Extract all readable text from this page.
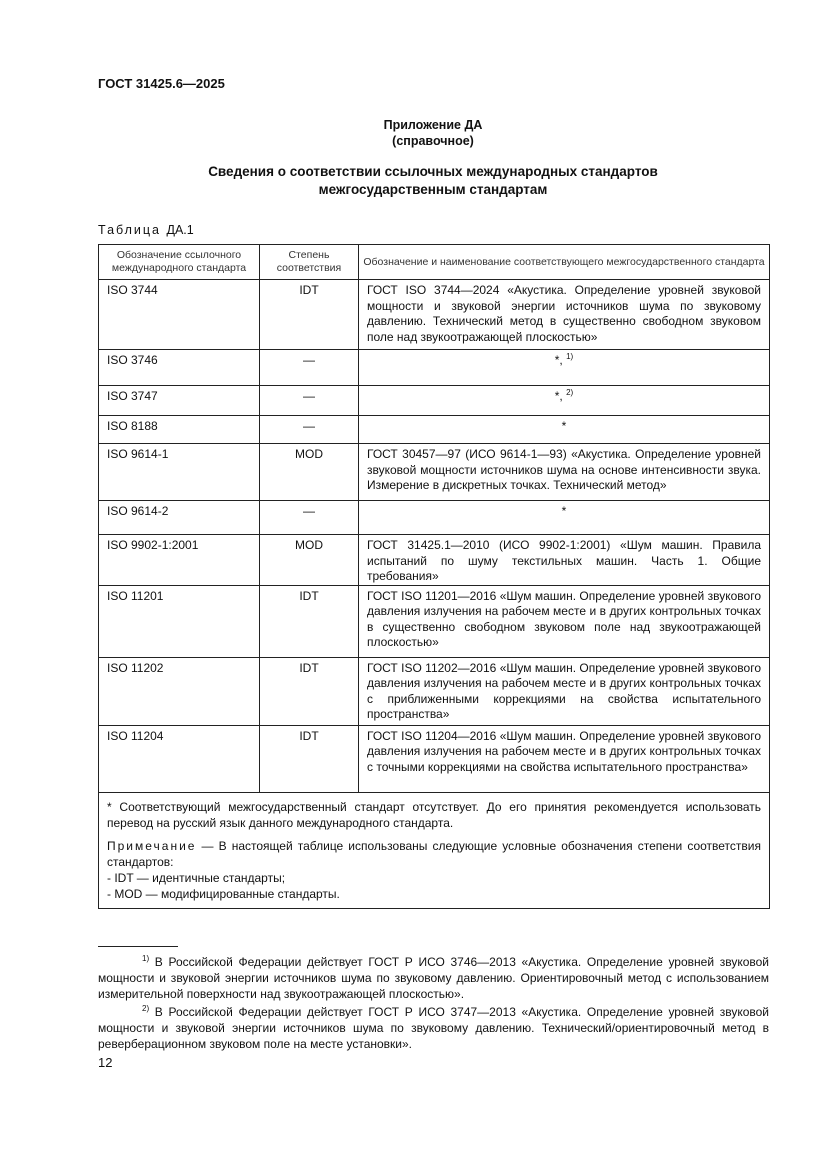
ГОСТ 31425.6—2025
Приложение ДА
(справочное)
Сведения о соответствии ссылочных международных стандартов
межгосударственным стандартам
Таблица ДА.1
Обозначение ссылочного международного стандарта	Степень соответствия	Обозначение и наименование соответствующего межгосударственного стандарта
ISO 3744	IDT	ГОСТ ISO 3744—2024 «Акустика. Определение уровней звуковой мощности и звуковой энергии источников шума по звуковому давлению. Технический метод в существенно свободном звуковом поле над звукоотражающей плоскостью»
ISO 3746	—	*, $^{1)}$
ISO 3747	—	*, $^{2)}$
ISO 8188	—	*
ISO 9614-1	MOD	ГОСТ 30457—97 (ИСО 9614-1—93) «Акустика. Определение уровней звуковой мощности источников шума на основе интенсивности звука. Измерение в дискретных точках. Технический метод»
ISO 9614-2	—	*
ISO 9902-1:2001	MOD	ГОСТ 31425.1—2010 (ИСО 9902-1:2001) «Шум машин. Правила испытаний по шуму текстильных машин. Часть 1. Общие требования»
ISO 11201	IDT	ГОСТ ISO 11201—2016 «Шум машин. Определение уровней звукового давления излучения на рабочем месте и в других контрольных точках в существенно свободном звуковом поле над звукоотражающей плоскостью»
ISO 11202	IDT	ГОСТ ISO 11202—2016 «Шум машин. Определение уровней звукового давления излучения на рабочем месте и в других контрольных точках с приближенными коррекциями на свойства испытательного пространства»
ISO 11204	IDT	ГОСТ ISO 11204—2016 «Шум машин. Определение уровней звукового давления излучения на рабочем месте и в других контрольных точках с точными коррекциями на свойства испытательного пространства»

* Соответствующий межгосударственный стандарт отсутствует. До его принятия рекомендуется использовать перевод на русский язык данного международного стандарта.

Примечание — В настоящей таблице использованы следующие условные обозначения степени соответствия стандартов:

- IDT — идентичные стандарты;

- MOD — модифицированные стандарты.		

$^{1)}$ В Российской Федерации действует ГОСТ Р ИСО 3746—2013 «Акустика. Определение уровней звуковой мощности и звуковой энергии источников шума по звуковому давлению. Ориентировочный метод с использованием измерительной поверхности над звукоотражающей плоскостью».
$^{2)}$ В Российской Федерации действует ГОСТ Р ИСО 3747—2013 «Акустика. Определение уровней звуковой мощности и звуковой энергии источников шума по звуковому давлению. Технический/ориентировочный метод в реверберационном звуковом поле на месте установки».
12
